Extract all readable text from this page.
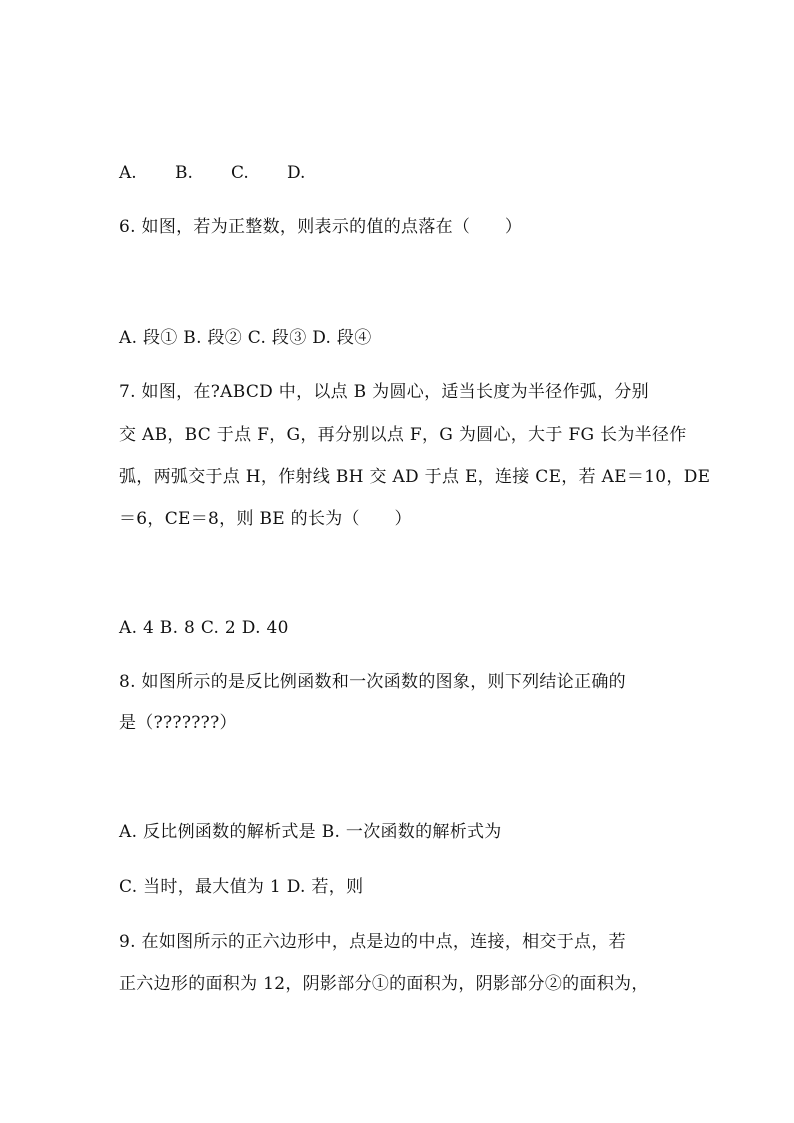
A.	B.	C.	D.
6. 如图，若为正整数，则表示的值的点落在（　　）
A. 段① B. 段② C. 段③ D. 段④
7. 如图，在?ABCD 中，以点 B 为圆心，适当长度为半径作弧，分别
交 AB，BC 于点 F，G，再分别以点 F，G 为圆心，大于 FG 长为半径作
弧，两弧交于点 H，作射线 BH 交 AD 于点 E，连接 CE，若 AE＝10，DE
＝6，CE＝8，则 BE 的长为（　　）
A. 4 B. 8 C. 2 D. 40
8. 如图所示的是反比例函数和一次函数的图象，则下列结论正确的
是（???????）
A. 反比例函数的解析式是 B. 一次函数的解析式为
C. 当时，最大值为 1 D. 若，则
9. 在如图所示的正六边形中，点是边的中点，连接，相交于点，若
正六边形的面积为 12，阴影部分①的面积为，阴影部分②的面积为，
